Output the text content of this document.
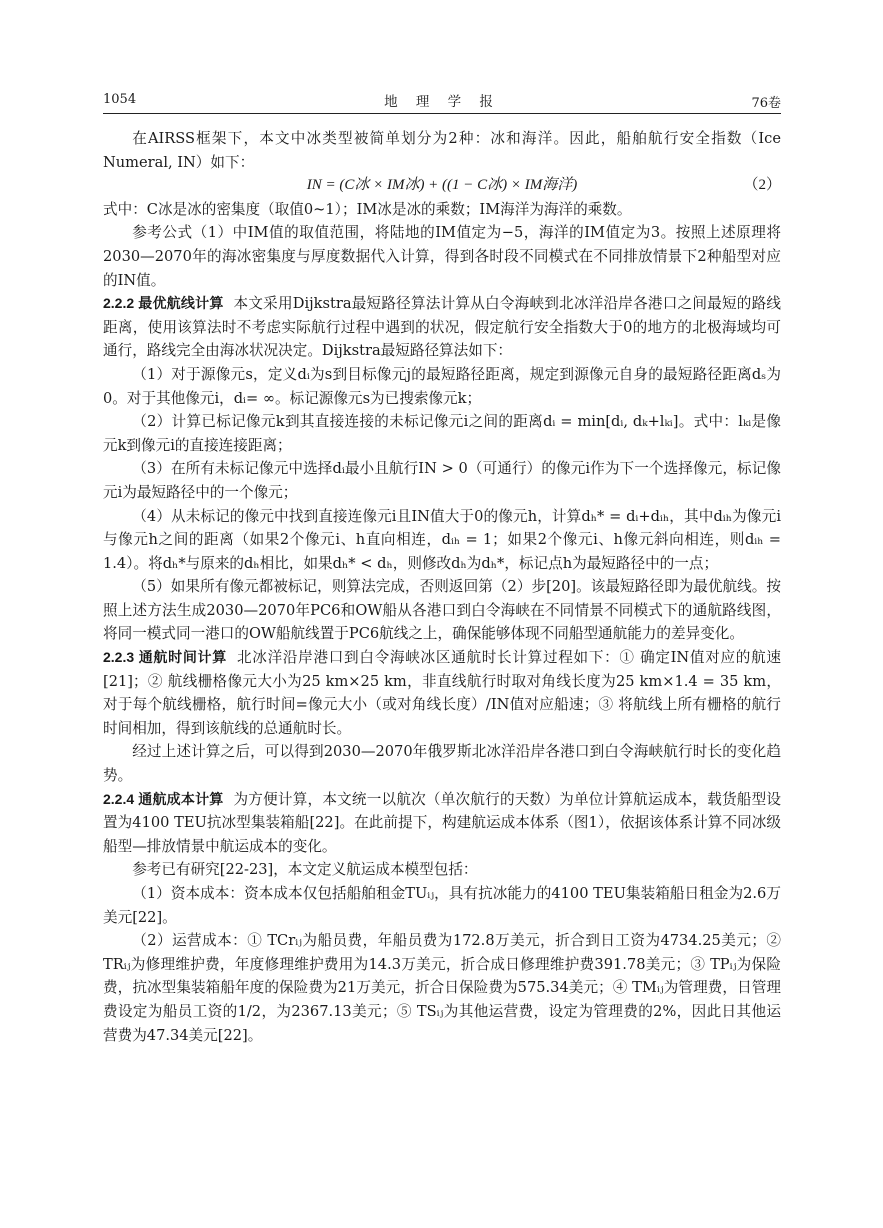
1054	地 理 学 报	76卷

在AIRSS框架下，本文中冰类型被简单划分为2种：冰和海洋。因此，船舶航行安全指数（Ice Numeral, IN）如下：

IN = (C冰 × IM冰) + ((1 − C冰) × IM海洋)	（2）

式中：C冰是冰的密集度（取值0~1）；IM冰是冰的乘数；IM海洋为海洋的乘数。

参考公式（1）中IM值的取值范围，将陆地的IM值定为−5，海洋的IM值定为3。按照上述原理将2030—2070年的海冰密集度与厚度数据代入计算，得到各时段不同模式在不同排放情景下2种船型对应的IN值。

2.2.2 最优航线计算 本文采用Dijkstra最短路径算法计算从白令海峡到北冰洋沿岸各港口之间最短的路线距离，使用该算法时不考虑实际航行过程中遇到的状况，假定航行安全指数大于0的地方的北极海域均可通行，路线完全由海冰状况决定。Dijkstra最短路径算法如下：

（1）对于源像元s，定义dᵢ为s到目标像元j的最短路径距离，规定到源像元自身的最短路径距离dₛ为0。对于其他像元i，dᵢ= ∞。标记源像元s为已搜索像元k；

（2）计算已标记像元k到其直接连接的未标记像元i之间的距离dᵢ = min[dᵢ, dₖ+lₖᵢ]。式中：lₖᵢ是像元k到像元i的直接连接距离；

（3）在所有未标记像元中选择dᵢ最小且航行IN > 0（可通行）的像元i作为下一个选择像元，标记像元i为最短路径中的一个像元；

（4）从未标记的像元中找到直接连像元i且IN值大于0的像元h，计算dₕ* = dᵢ+dᵢₕ，其中dᵢₕ为像元i与像元h之间的距离（如果2个像元i、h直向相连，dᵢₕ = 1；如果2个像元i、h像元斜向相连，则dᵢₕ = 1.4）。将dₕ*与原来的dₕ相比，如果dₕ* < dₕ，则修改dₕ为dₕ*，标记点h为最短路径中的一点；

（5）如果所有像元都被标记，则算法完成，否则返回第（2）步[20]。该最短路径即为最优航线。按照上述方法生成2030—2070年PC6和OW船从各港口到白令海峡在不同情景不同模式下的通航路线图，将同一模式同一港口的OW船航线置于PC6航线之上，确保能够体现不同船型通航能力的差异变化。

2.2.3 通航时间计算 北冰洋沿岸港口到白令海峡冰区通航时长计算过程如下：① 确定IN值对应的航速[21]；② 航线栅格像元大小为25 km×25 km，非直线航行时取对角线长度为25 km×1.4 = 35 km，对于每个航线栅格，航行时间=像元大小（或对角线长度）/IN值对应船速；③ 将航线上所有栅格的航行时间相加，得到该航线的总通航时长。

经过上述计算之后，可以得到2030—2070年俄罗斯北冰洋沿岸各港口到白令海峡航行时长的变化趋势。

2.2.4 通航成本计算 为方便计算，本文统一以航次（单次航行的天数）为单位计算航运成本，载货船型设置为4100 TEU抗冰型集装箱船[22]。在此前提下，构建航运成本体系（图1），依据该体系计算不同冰级船型—排放情景中航运成本的变化。

参考已有研究[22-23]，本文定义航运成本模型包括：

（1）资本成本：资本成本仅包括船舶租金TUᵢⱼ，具有抗冰能力的4100 TEU集装箱船日租金为2.6万美元[22]。

（2）运营成本：① TCrᵢⱼ为船员费，年船员费为172.8万美元，折合到日工资为4734.25美元；② TRᵢⱼ为修理维护费，年度修理维护费用为14.3万美元，折合成日修理维护费391.78美元；③ TPᵢⱼ为保险费，抗冰型集装箱船年度的保险费为21万美元，折合日保险费为575.34美元；④ TMᵢⱼ为管理费，日管理费设定为船员工资的1/2，为2367.13美元；⑤ TSᵢⱼ为其他运营费，设定为管理费的2%，因此日其他运营费为47.34美元[22]。
